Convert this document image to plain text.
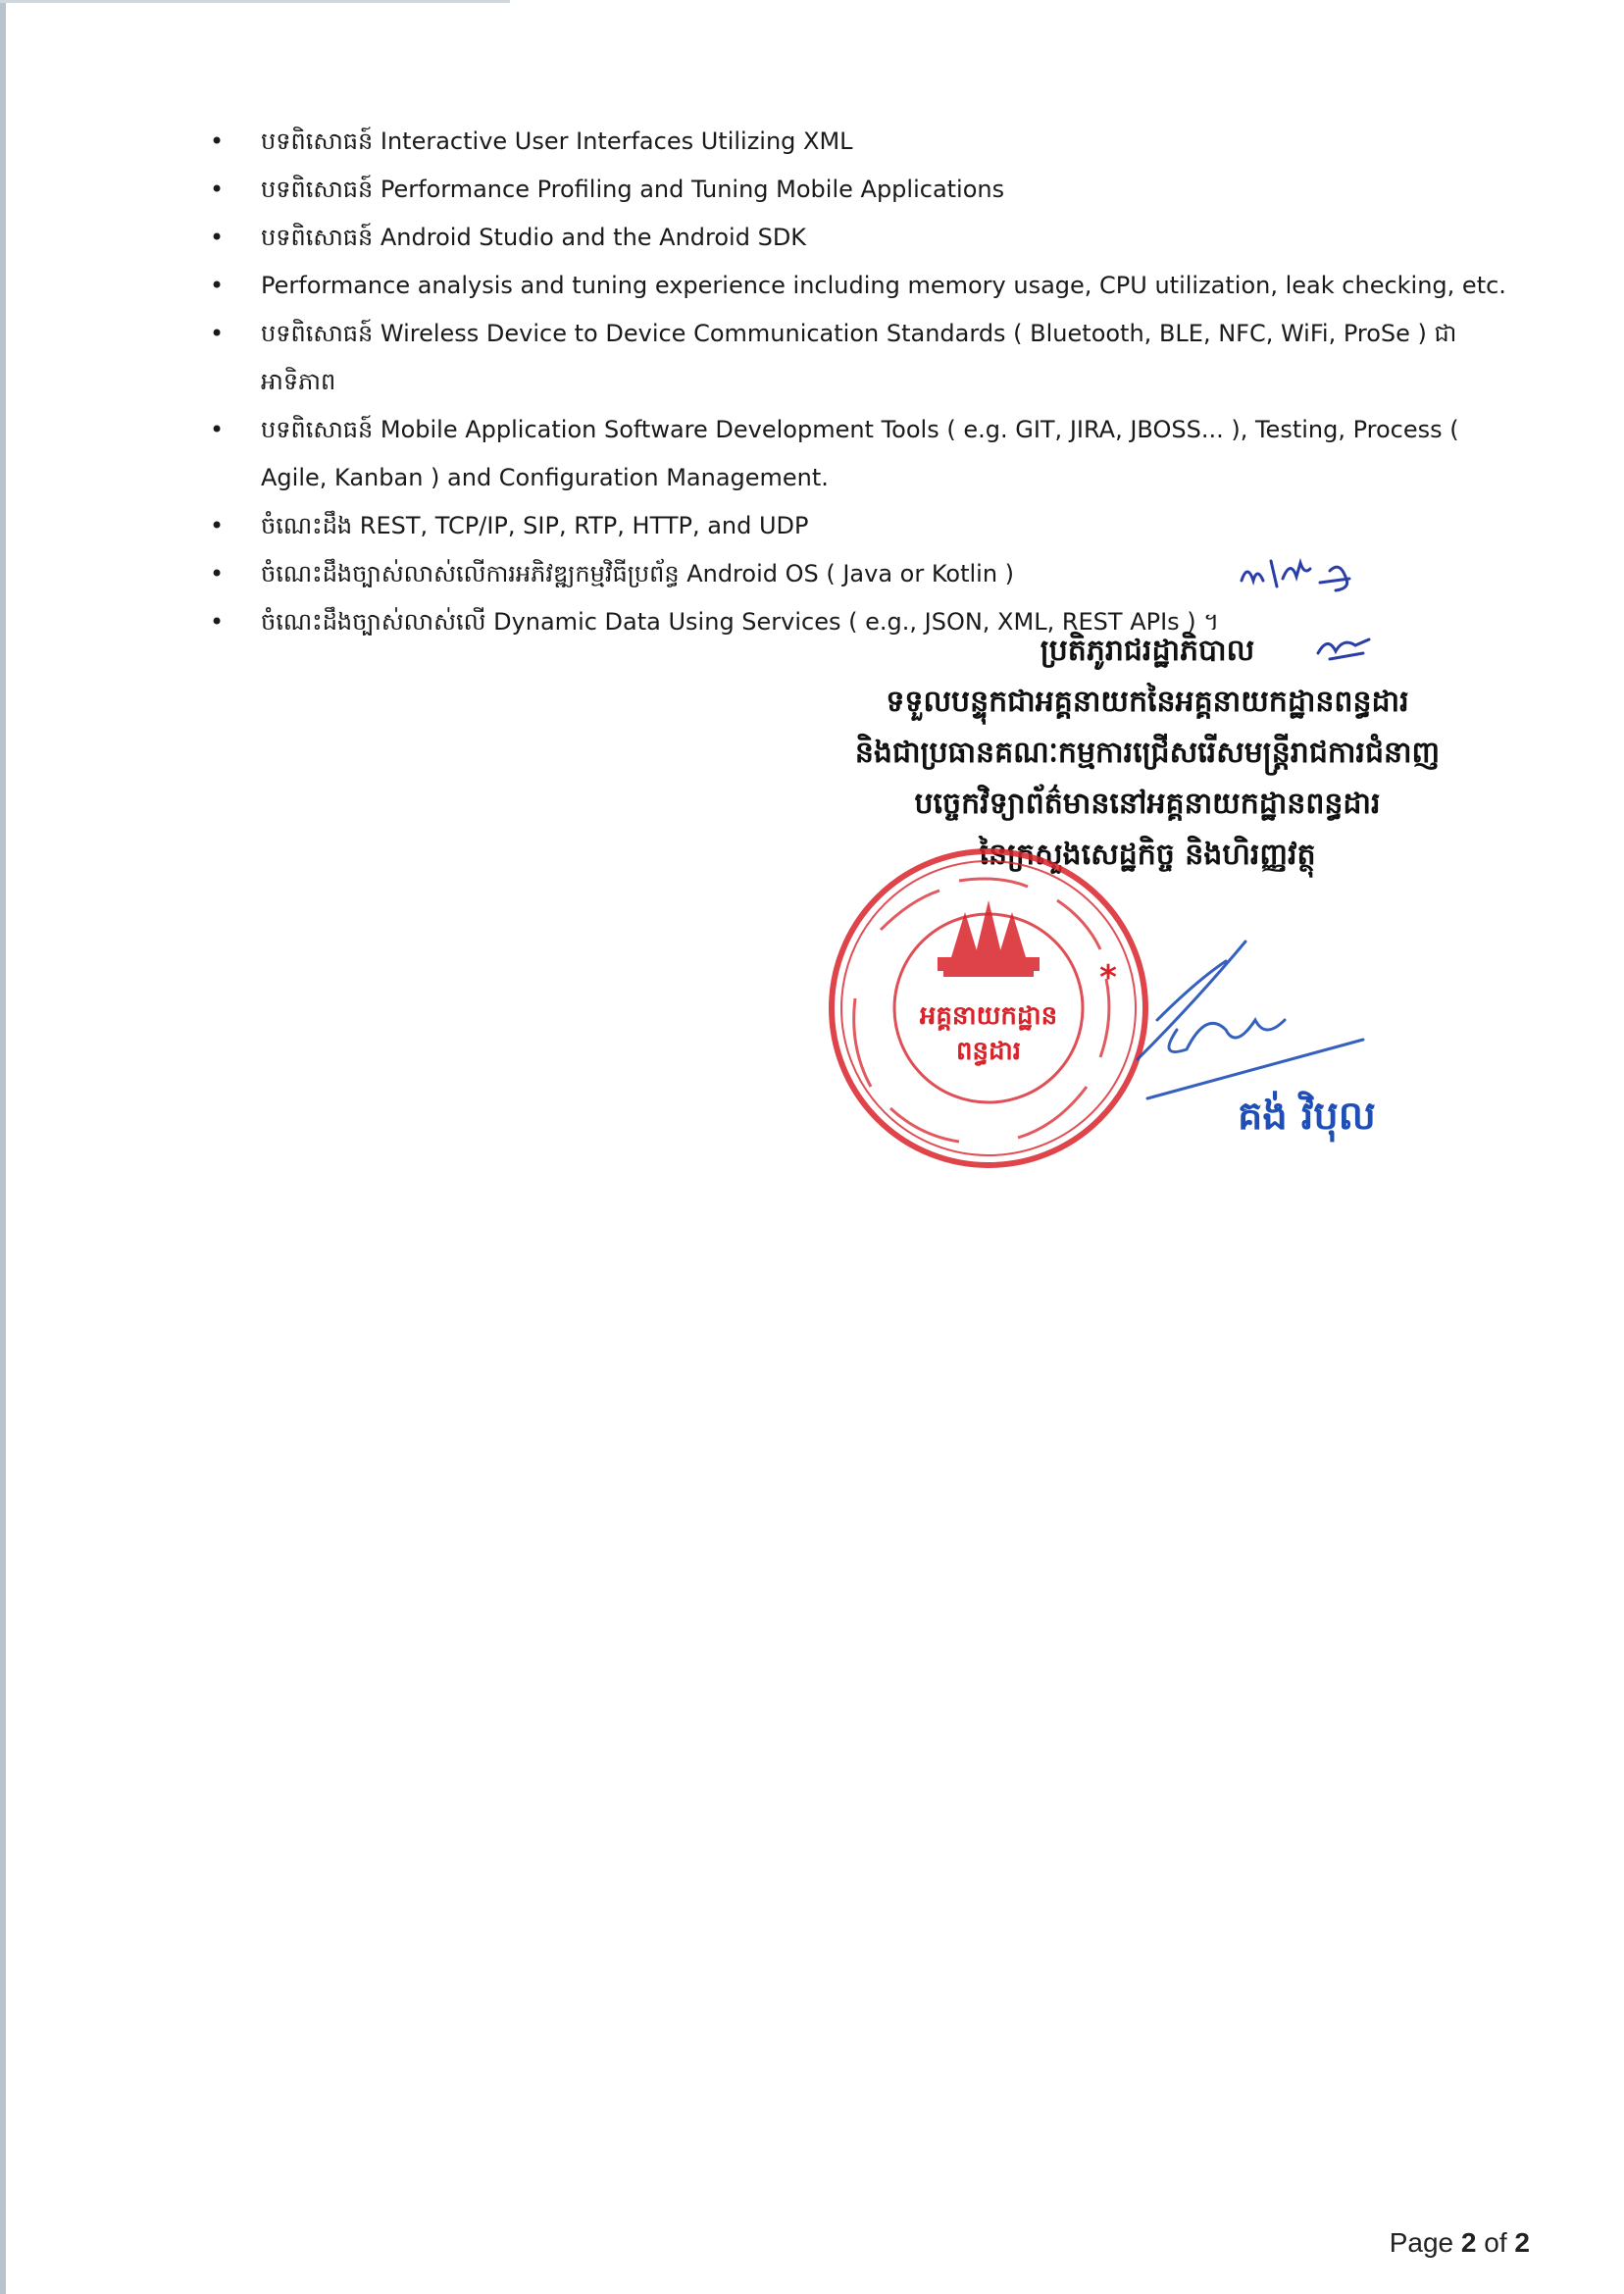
• បទពិសោធន៍ Interactive User Interfaces Utilizing XML
• បទពិសោធន៍ Performance Profiling and Tuning Mobile Applications
• បទពិសោធន៍ Android Studio and the Android SDK
• Performance analysis and tuning experience including memory usage, CPU utilization, leak checking, etc.
• បទពិសោធន៍ Wireless Device to Device Communication Standards ( Bluetooth, BLE, NFC, WiFi, ProSe ) ជាអាទិភាព
• បទពិសោធន៍ Mobile Application Software Development Tools ( e.g. GIT, JIRA, JBOSS... ), Testing, Process ( Agile, Kanban ) and Configuration Management.
• ចំណេះដឹង REST, TCP/IP, SIP, RTP, HTTP, and UDP
• ចំណេះដឹងច្បាស់លាស់លើការអភិវឌ្ឍកម្មវិធីប្រព័ន្ធ Android OS ( Java or Kotlin )
• ចំណេះដឹងច្បាស់លាស់លើ Dynamic Data Using Services ( e.g., JSON, XML, REST APIs ) ។
ប្រតិភូរាជរដ្ឋាភិបាល
ទទួលបន្ទុកជាអគ្គនាយកនៃអគ្គនាយកដ្ឋានពន្ធដារ
និងជាប្រធានគណៈកម្មការជ្រើសរើសមន្ត្រីរាជការជំនាញ
បច្ចេកវិទ្យាព័ត៌មាននៅអគ្គនាយកដ្ឋានពន្ធដារ
នៃក្រសួងសេដ្ឋកិច្ច និងហិរញ្ញវត្ថុ
អគ្គនាយកដ្ឋាន
ពន្ធដារ
*
គង់ វិបុល
Page 2 of 2
